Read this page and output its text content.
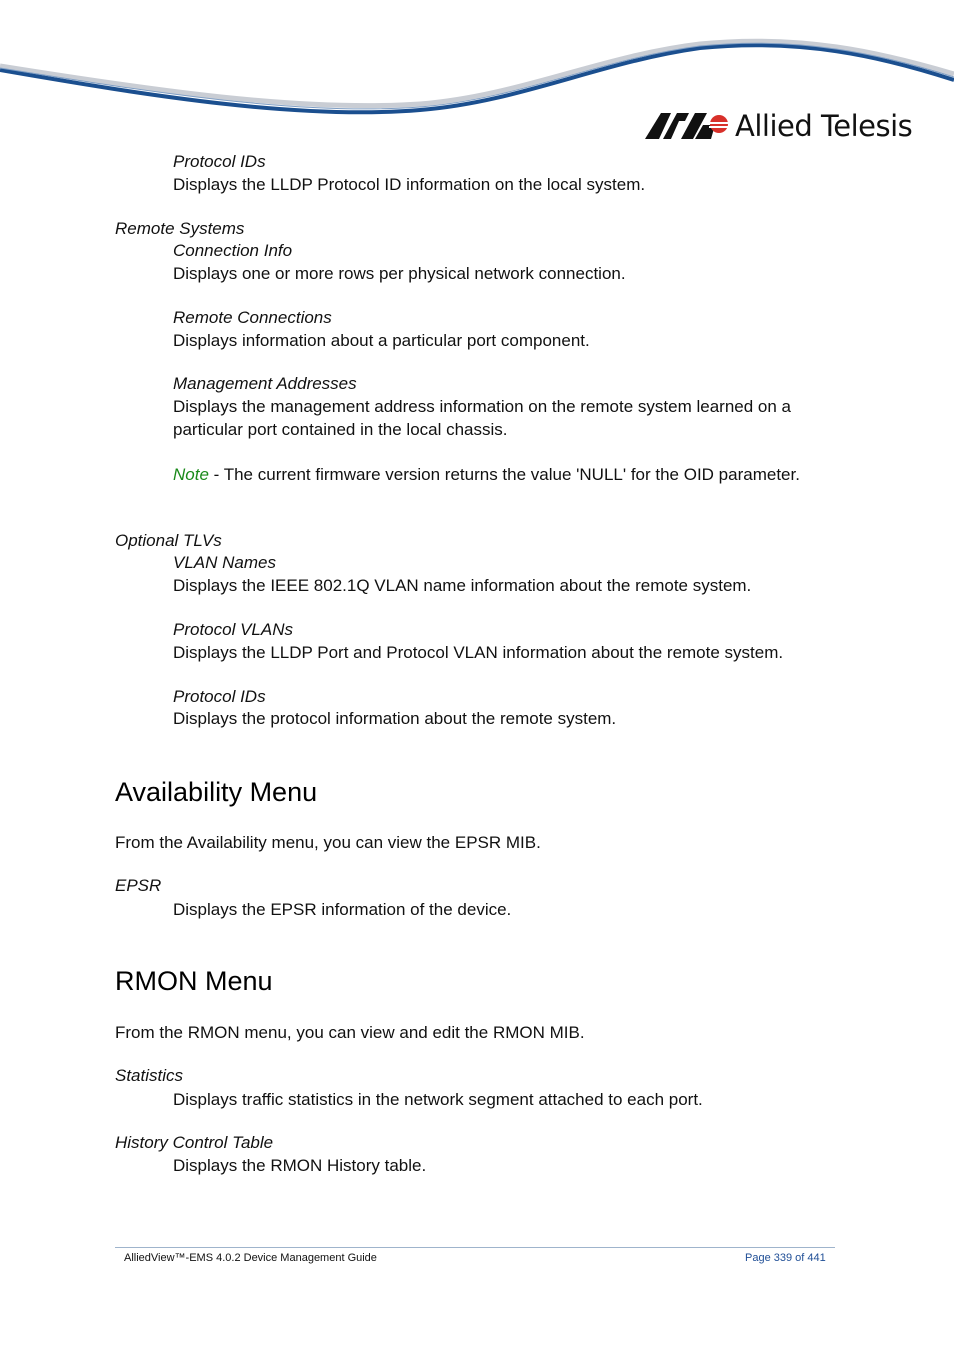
Allied Telesis
Protocol IDs
Displays the LLDP Protocol ID information on the local system.
Remote Systems
Connection Info
Displays one or more rows per physical network connection.
Remote Connections
Displays information about a particular port component.
Management Addresses
Displays the management address information on the remote system learned on a particular port contained in the local chassis.
Note - The current firmware version returns the value 'NULL' for the OID parameter.
Optional TLVs
VLAN Names
Displays the IEEE 802.1Q VLAN name information about the remote system.
Protocol VLANs
Displays the LLDP Port and Protocol VLAN information about the remote system.
Protocol IDs
Displays the protocol information about the remote system.
Availability Menu
From the Availability menu, you can view the EPSR MIB.
EPSR
Displays the EPSR information of the device.
RMON Menu
From the RMON menu, you can view and edit the RMON MIB.
Statistics
Displays traffic statistics in the network segment attached to each port.
History Control Table
Displays the RMON History table.
AlliedView™-EMS 4.0.2 Device Management Guide	Page 339 of 441
